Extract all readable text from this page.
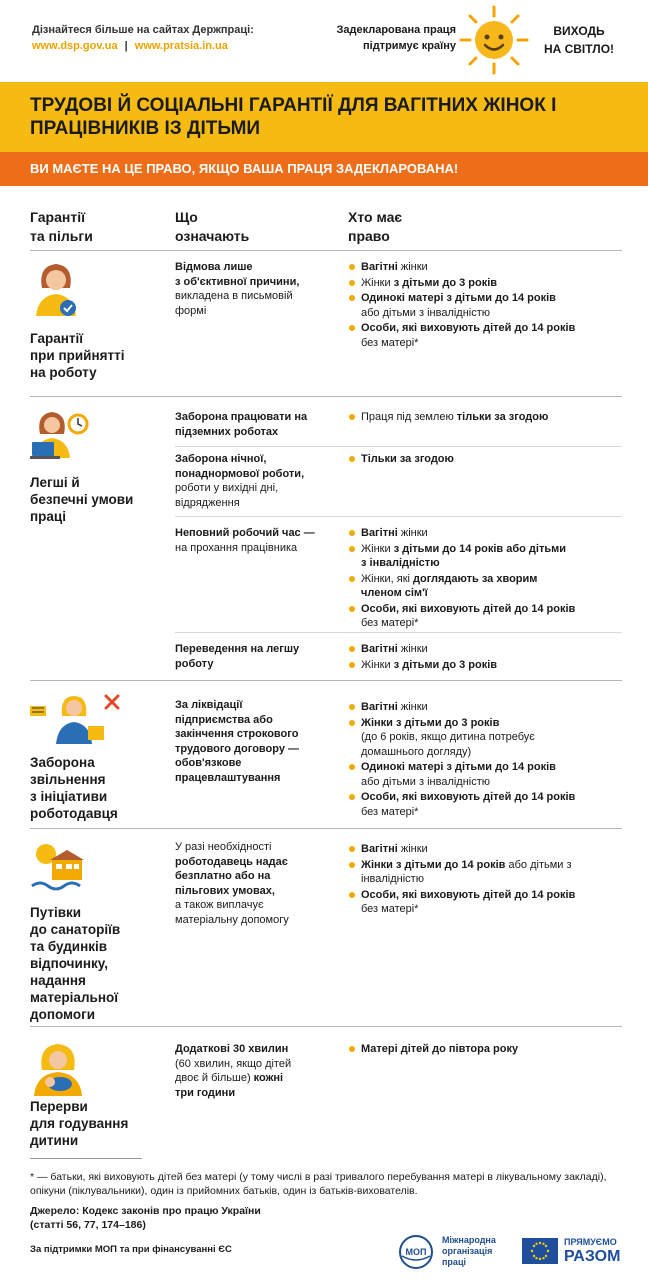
Дізнайтеся більше на сайтах Держпраці:
www.dsp.gov.ua | www.pratsia.in.ua
Задекларована праця
підтримує країну
ВИХОДЬ
НА СВІТЛО!
ТРУДОВІ Й СОЦІАЛЬНІ ГАРАНТІЇ ДЛЯ ВАГІТНИХ ЖІНОК І ПРАЦІВНИКІВ ІЗ ДІТЬМИ
ВИ МАЄТЕ НА ЦЕ ПРАВО, ЯКЩО ВАША ПРАЦЯ ЗАДЕКЛАРОВАНА!
Гарантії
та пільги
Що
означають
Хто має
право
Гарантії
при прийнятті
на роботу
Відмова лише
з об'єктивної причини,
викладена в письмовій
формі
Вагітні жінки
Жінки з дітьми до 3 років
Одинокі матері з дітьми до 14 років
або дітьми з інвалідністю
Особи, які виховують дітей до 14 років
без матері*
Легші й
безпечні умови
праці
Заборона працювати на
підземних роботах
Праця під землею тільки за згодою
Заборона нічної,
понаднормової роботи,
роботи у вихідні дні,
відрядження
Тільки за згодою
Неповний робочий час —
на прохання працівника
Вагітні жінки
Жінки з дітьми до 14 років або дітьми
з інвалідністю
Жінки, які доглядають за хворим
членом сім'ї
Особи, які виховують дітей до 14 років
без матері*
Переведення на легшу
роботу
Вагітні жінки
Жінки з дітьми до 3 років
Заборона
звільнення
з ініціативи
роботодавця
За ліквідації
підприємства або
закінчення строкового
трудового договору —
обов'язкове
працевлаштування
Вагітні жінки
Жінки з дітьми до 3 років
(до 6 років, якщо дитина потребує
домашнього догляду)
Одинокі матері з дітьми до 14 років
або дітьми з інвалідністю
Особи, які виховують дітей до 14 років
без матері*
Путівки
до санаторіїв
та будинків
відпочинку,
надання
матеріальної
допомоги
У разі необхідності
роботодавець надає
безплатно або на
пільгових умовах,
а також виплачує
матеріальну допомогу
Вагітні жінки
Жінки з дітьми до 14 років або дітьми з
інвалідністю
Особи, які виховують дітей до 14 років
без матері*
Перерви
для годування
дитини
Додаткові 30 хвилин
(60 хвилин, якщо дітей
двоє й більше) кожні
три години
Матері дітей до півтора року
* — батьки, які виховують дітей без матері (у тому числі в разі тривалого перебування матері в лікувальному закладі), опікуни (піклувальники), один із прийомних батьків, один із батьків-вихователів.
Джерело: Кодекс законів про працю України
(статті 56, 77, 174–186)
За підтримки МОП та при фінансуванні ЄС	МОП
Міжнародна
організація
праці
ПРЯМУЄМО
РАЗОМ
